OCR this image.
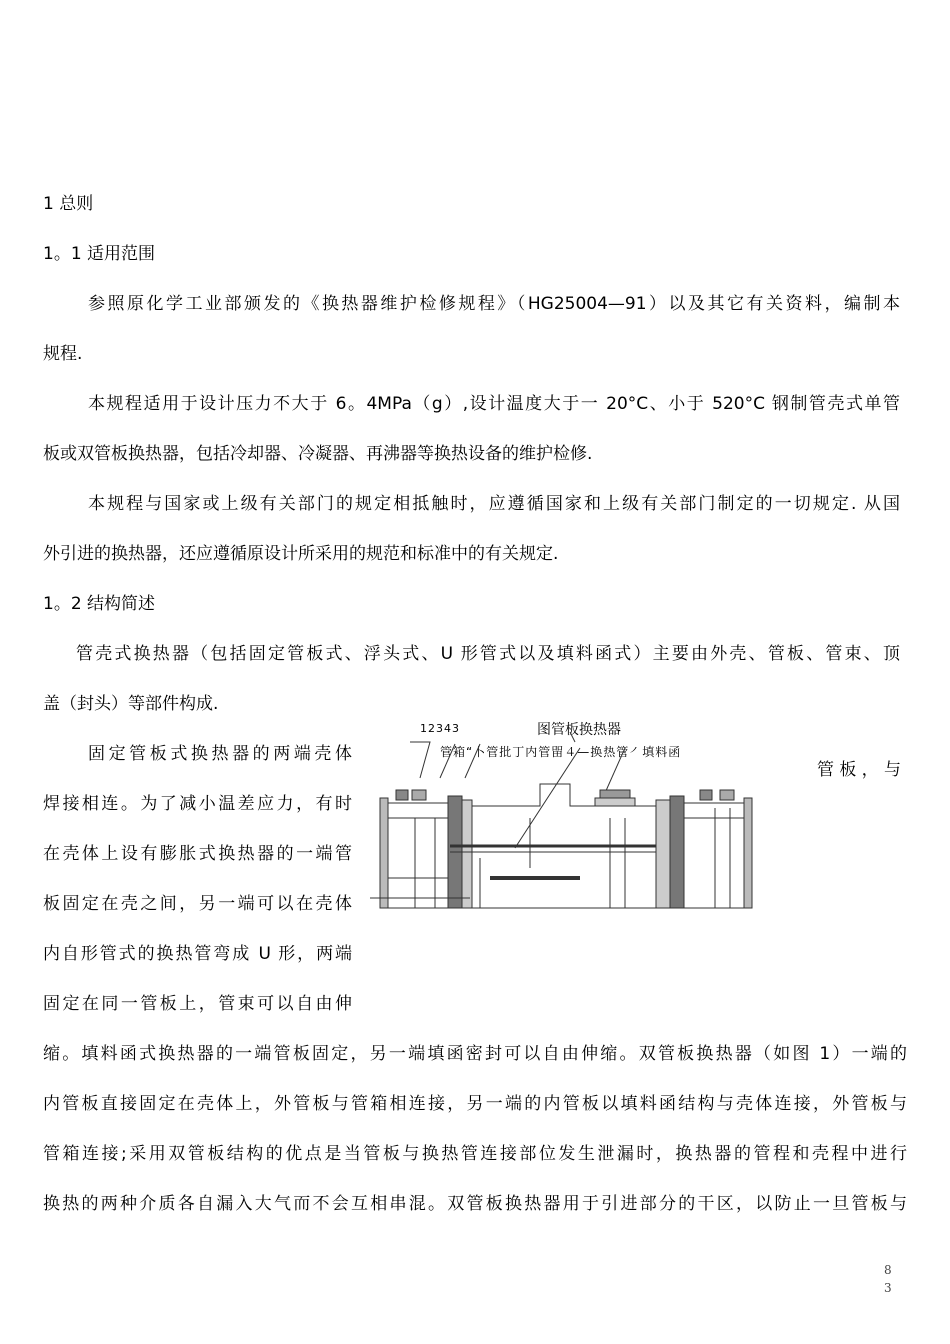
1 总则
1。1 适用范围
参照原化学工业部颁发的《换热器维护检修规程》（HG25004—91）以及其它有关资料，编制本
规程.
本规程适用于设计压力不大于 6。4MPa（g）,设计温度大于一 20°C、小于 520°C 钢制管壳式单管
板或双管板换热器，包括冷却器、冷凝器、再沸器等换热设备的维护检修.
本规程与国家或上级有关部门的规定相抵触时，应遵循国家和上级有关部门制定的一切规定. 从国
外引进的换热器，还应遵循原设计所采用的规范和标准中的有关规定.
1。2 结构简述
管壳式换热器（包括固定管板式、浮头式、U 形管式以及填料函式）主要由外壳、管板、管束、顶
盖（封头）等部件构成.
固定管板式换热器的两端壳体
焊接相连。为了减小温差应力，有时
在壳体上设有膨胀式换热器的一端管
板固定在壳之间，另一端可以在壳体
内自形管式的换热管弯成 U 形，两端
固定在同一管板上，管束可以自由伸
管板，与
12343	图管板换热器
管箱“卜管批丁内管㽞４—换热管㇒填料函
缩。填料函式换热器的一端管板固定，另一端填函密封可以自由伸缩。双管板换热器（如图 1）一端的
内管板直接固定在壳体上，外管板与管箱相连接，另一端的内管板以填料函结构与壳体连接，外管板与
管箱连接;采用双管板结构的优点是当管板与换热管连接部位发生泄漏时，换热器的管程和壳程中进行
换热的两种介质各自漏入大气而不会互相串混。双管板换热器用于引进部分的干区，以防止一旦管板与
8
3
